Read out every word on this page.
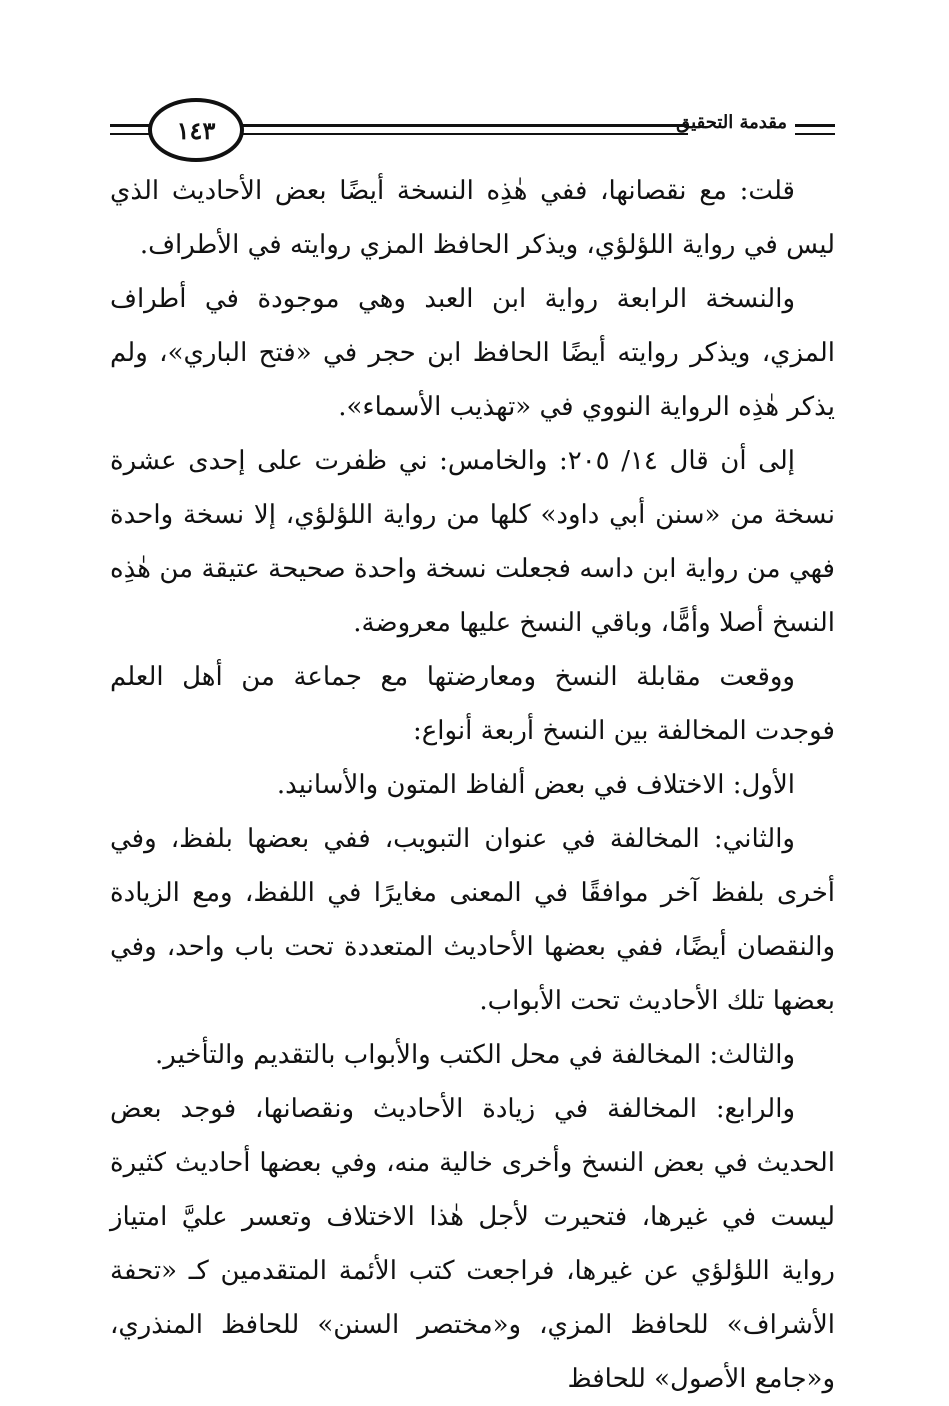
١٤٣	مقدمة التحقيق

قلت: مع نقصانها، ففي هٰذِه النسخة أيضًا بعض الأحاديث الذي ليس في رواية اللؤلؤي، ويذكر الحافظ المزي روايته في الأطراف.

والنسخة الرابعة رواية ابن العبد وهي موجودة في أطراف المزي، ويذكر روايته أيضًا الحافظ ابن حجر في «فتح الباري»، ولم يذكر هٰذِه الرواية النووي في «تهذيب الأسماء».

إلى أن قال ١٤/ ٢٠٥: والخامس: ني ظفرت على إحدى عشرة نسخة من «سنن أبي داود» كلها من رواية اللؤلؤي، إلا نسخة واحدة فهي من رواية ابن داسه فجعلت نسخة واحدة صحيحة عتيقة من هٰذِه النسخ أصلا وأمًّا، وباقي النسخ عليها معروضة.

ووقعت مقابلة النسخ ومعارضتها مع جماعة من أهل العلم فوجدت المخالفة بين النسخ أربعة أنواع:

الأول: الاختلاف في بعض ألفاظ المتون والأسانيد.

والثاني: المخالفة في عنوان التبويب، ففي بعضها بلفظ، وفي أخرى بلفظ آخر موافقًا في المعنى مغايرًا في اللفظ، ومع الزيادة والنقصان أيضًا، ففي بعضها الأحاديث المتعددة تحت باب واحد، وفي بعضها تلك الأحاديث تحت الأبواب.

والثالث: المخالفة في محل الكتب والأبواب بالتقديم والتأخير.

والرابع: المخالفة في زيادة الأحاديث ونقصانها، فوجد بعض الحديث في بعض النسخ وأخرى خالية منه، وفي بعضها أحاديث كثيرة ليست في غيرها، فتحيرت لأجل هٰذا الاختلاف وتعسر عليَّ امتياز رواية اللؤلؤي عن غيرها، فراجعت كتب الأئمة المتقدمين كـ «تحفة الأشراف» للحافظ المزي، و«مختصر السنن» للحافظ المنذري، و«جامع الأصول» للحافظ
